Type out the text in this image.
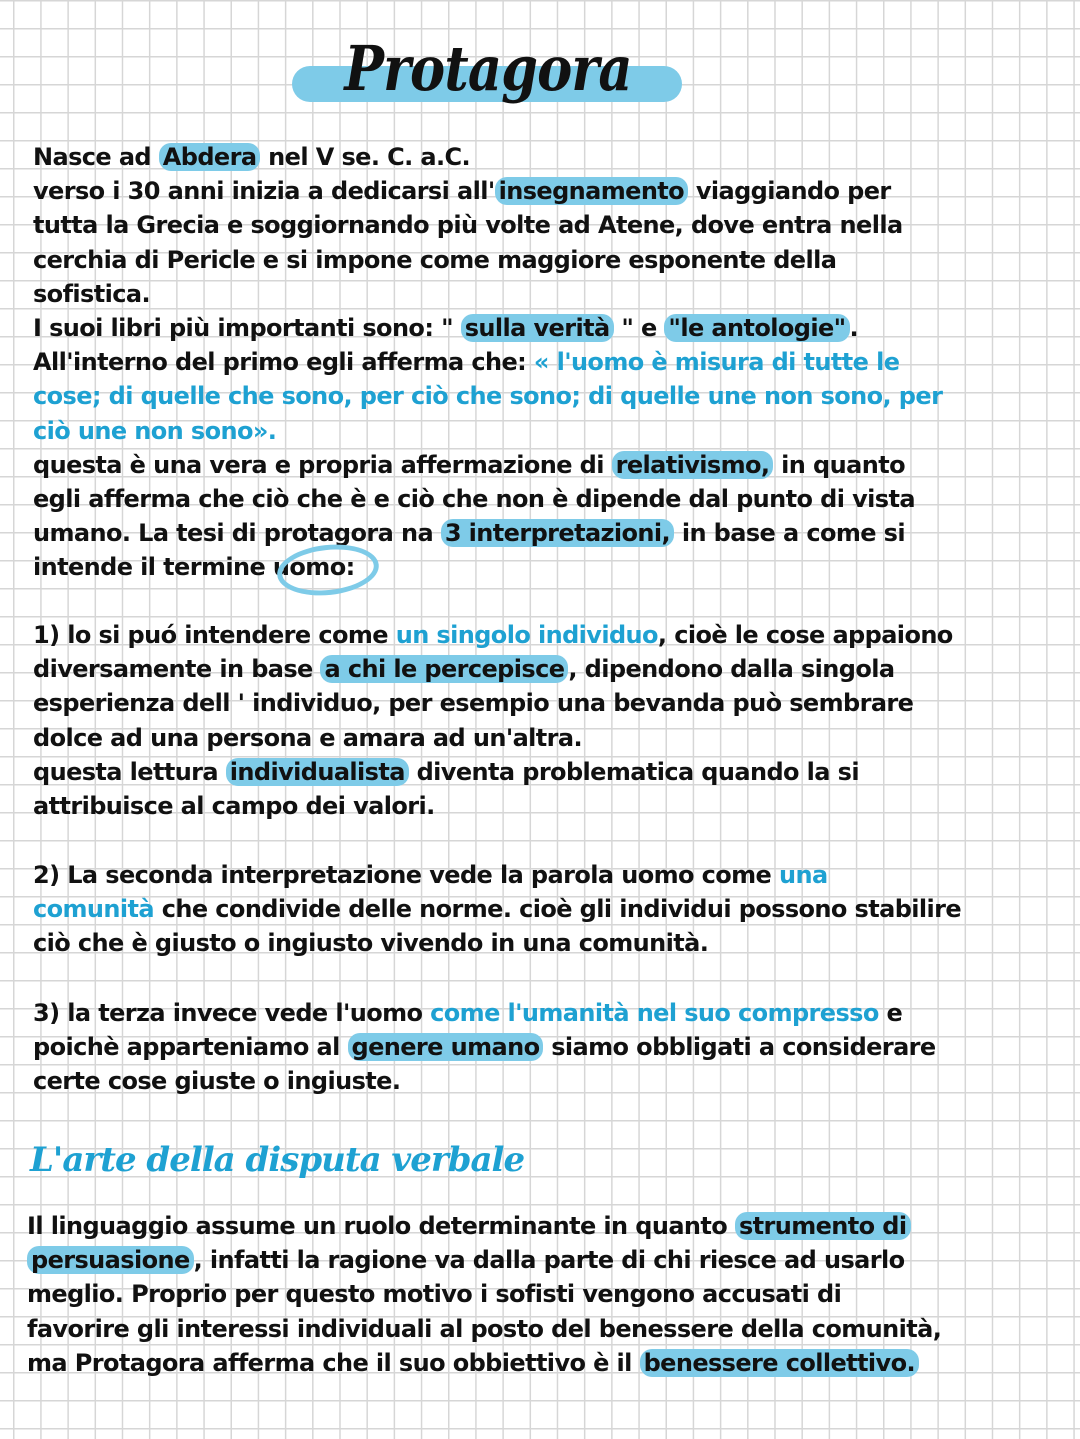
Protagora
Nasce ad Abdera nel V se. C. a.C.
verso i 30 anni inizia a dedicarsi all' insegnamento viaggiando per
tutta la Grecia e soggiornando più volte ad Atene, dove entra nella
cerchia di Pericle e si impone come maggiore esponente della
sofistica.
I suoi libri più importanti sono: " sulla verità " e "le antologie" .
All'interno del primo egli afferma che: « l'uomo è misura di tutte le
cose; di quelle che sono, per ciò che sono; di quelle une non sono, per
ciò une non sono».
questa è una vera e propria affermazione di relativismo, in quanto
egli afferma che ciò che è e ciò che non è dipende dal punto di vista
umano. La tesi di protagora na 3 interpretazioni, in base a come si
intende il termine uomo:
1) lo si puó intendere come un singolo individuo, cioè le cose appaiono
diversamente in base a chi le percepisce , dipendono dalla singola
esperienza dell ' individuo, per esempio una bevanda può sembrare
dolce ad una persona e amara ad un'altra.
questa lettura individualista diventa problematica quando la si
attribuisce al campo dei valori.
2) La seconda interpretazione vede la parola uomo come una
comunità che condivide delle norme. cioè gli individui possono stabilire
ciò che è giusto o ingiusto vivendo in una comunità.
3) la terza invece vede l'uomo come l'umanità nel suo compresso e
poichè apparteniamo al genere umano siamo obbligati a considerare
certe cose giuste o ingiuste.
L'arte della disputa verbale
Il linguaggio assume un ruolo determinante in quanto strumento di
persuasione , infatti la ragione va dalla parte di chi riesce ad usarlo
meglio. Proprio per questo motivo i sofisti vengono accusati di
favorire gli interessi individuali al posto del benessere della comunità,
ma Protagora afferma che il suo obbiettivo è il benessere collettivo.
